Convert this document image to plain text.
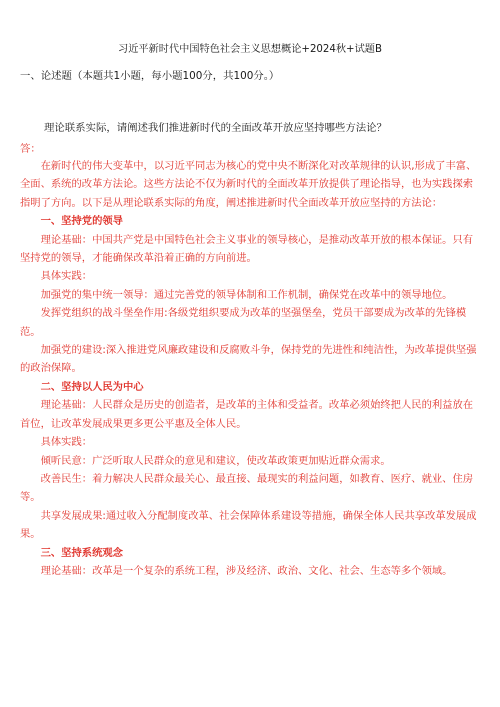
习近平新时代中国特色社会主义思想概论+2024秋+试题B
一、论述题（本题共1小题，每小题100分，共100分。）
理论联系实际，请阐述我们推进新时代的全面改革开放应坚持哪些方法论？
答：

在新时代的伟大变革中，以习近平同志为核心的党中央不断深化对改革规律的认识,形成了丰富、全面、系统的改革方法论。这些方法论不仅为新时代的全面改革开放提供了理论指导，也为实践探索指明了方向。以下是从理论联系实际的角度，阐述推进新时代全面改革开放应坚持的方法论：

一、坚持党的领导

理论基础：中国共产党是中国特色社会主义事业的领导核心，是推动改革开放的根本保证。只有坚持党的领导，才能确保改革沿着正确的方向前进。

具体实践：

加强党的集中统一领导：通过完善党的领导体制和工作机制，确保党在改革中的领导地位。

发挥党组织的战斗堡垒作用:各级党组织要成为改革的坚强堡垒，党员干部要成为改革的先锋模范。

加强党的建设:深入推进党风廉政建设和反腐败斗争，保持党的先进性和纯洁性，为改革提供坚强的政治保障。

二、坚持以人民为中心

理论基础：人民群众是历史的创造者，是改革的主体和受益者。改革必须始终把人民的利益放在首位，让改革发展成果更多更公平惠及全体人民。

具体实践：

倾听民意：广泛听取人民群众的意见和建议，使改革政策更加贴近群众需求。

改善民生：着力解决人民群众最关心、最直接、最现实的利益问题，如教育、医疗、就业、住房等。

共享发展成果:通过收入分配制度改革、社会保障体系建设等措施，确保全体人民共享改革发展成果。

三、坚持系统观念

理论基础：改革是一个复杂的系统工程，涉及经济、政治、文化、社会、生态等多个领域。
